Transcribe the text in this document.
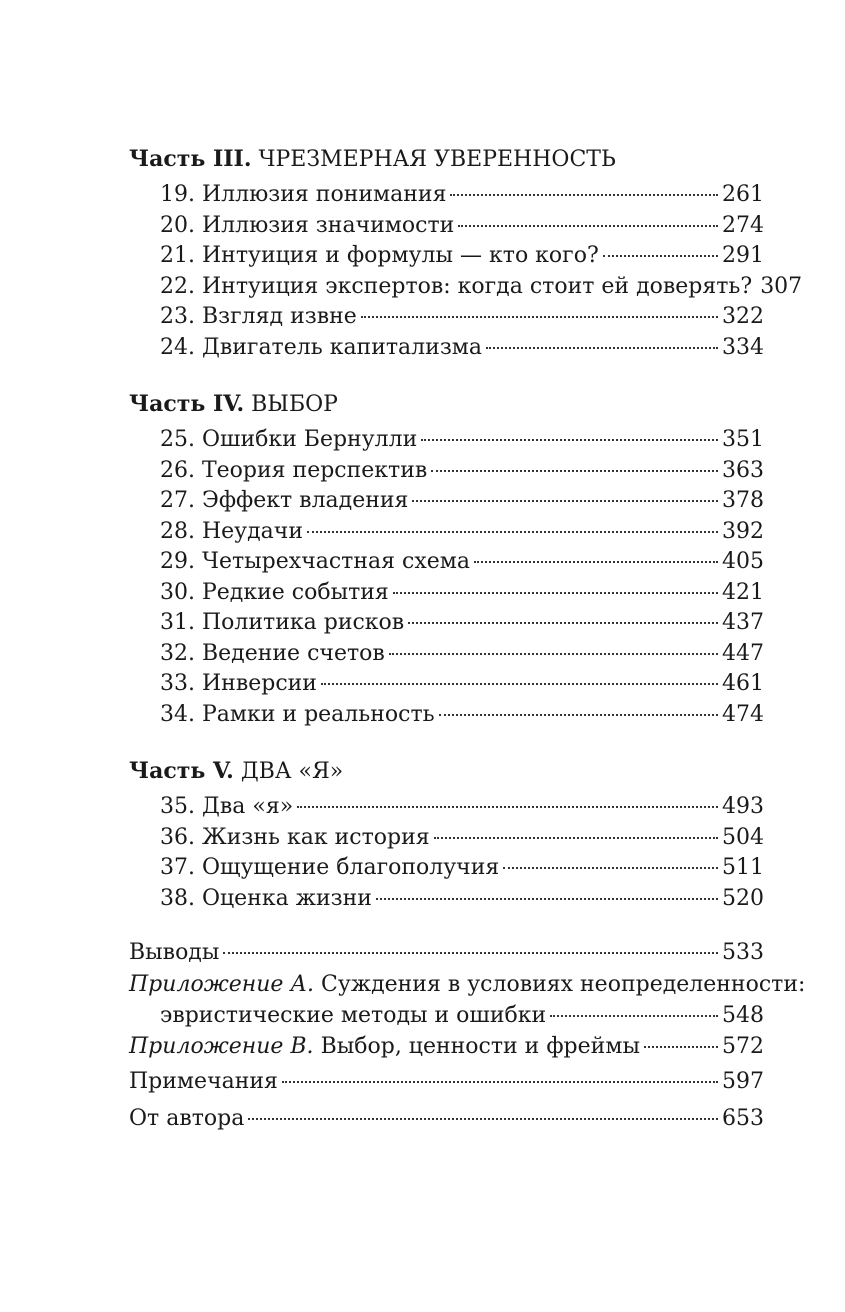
Часть III. ЧРЕЗМЕРНАЯ УВЕРЕННОСТЬ
19. Иллюзия понимания	261
20. Иллюзия значимости	274
21. Интуиция и формулы — кто кого?	291
22. Интуиция экспертов: когда стоит ей доверять? 307
23. Взгляд извне	322
24. Двигатель капитализма	334
Часть IV. ВЫБОР
25. Ошибки Бернулли	351
26. Теория перспектив	363
27. Эффект владения	378
28. Неудачи	392
29. Четырехчастная схема	405
30. Редкие события	421
31. Политика рисков	437
32. Ведение счетов	447
33. Инверсии	461
34. Рамки и реальность	474
Часть V. ДВА «Я»
35. Два «я»	493
36. Жизнь как история	504
37. Ощущение благополучия	511
38. Оценка жизни	520
Выводы	533
Приложение А. Суждения в условиях неопределенности:
эвристические методы и ошибки	548
Приложение В. Выбор, ценности и фреймы	572
Примечания	597
От автора	653
